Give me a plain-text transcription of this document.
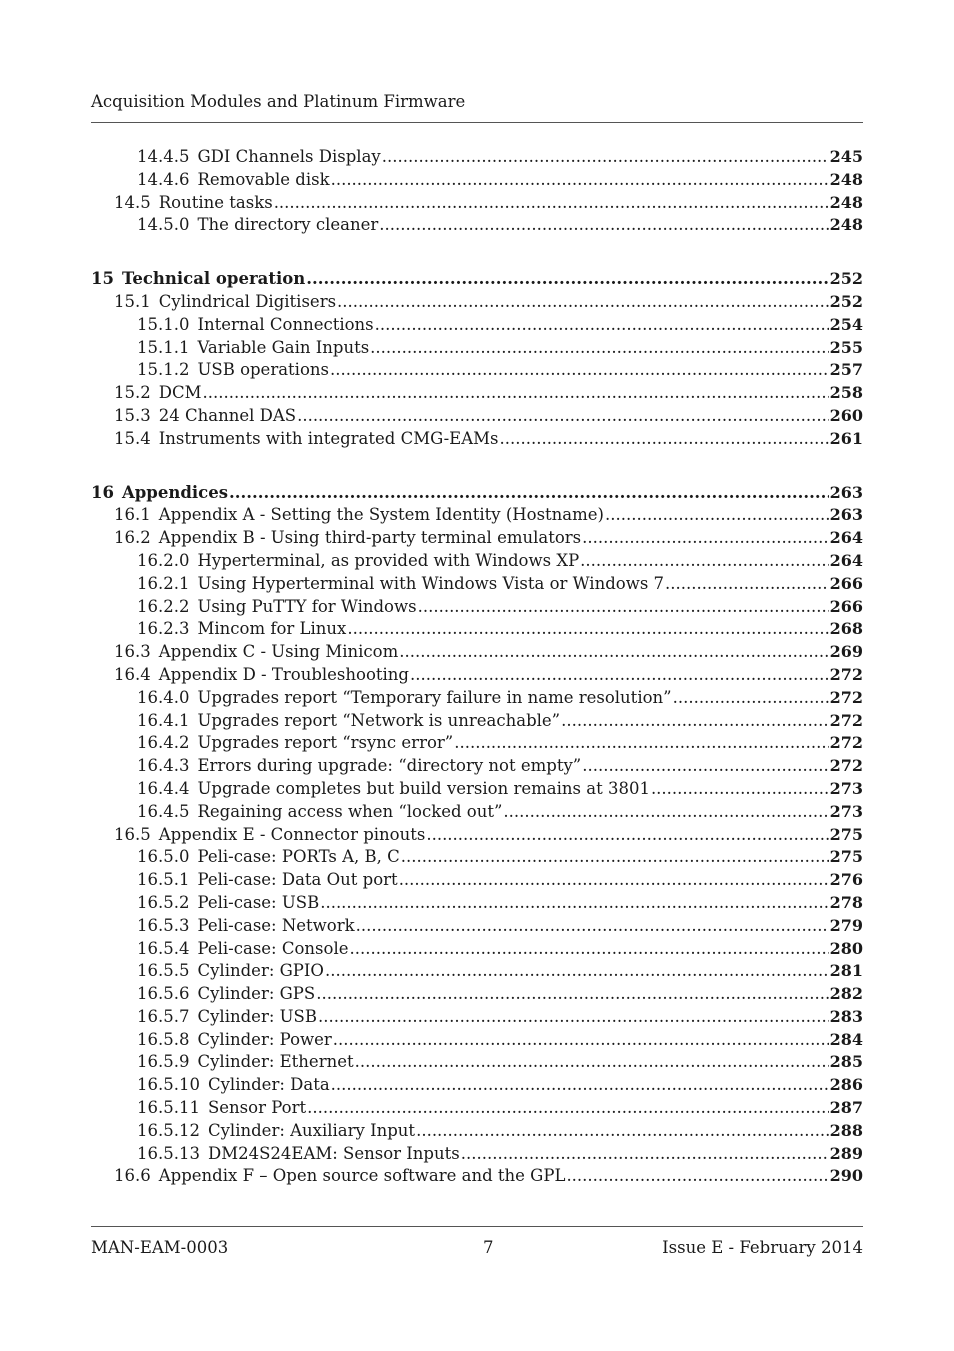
Acquisition Modules and Platinum Firmware
14.4.5 GDI Channels Display .....	245
14.4.6 Removable disk .....	248
14.5 Routine tasks .....	248
14.5.0 The directory cleaner .....	248
15 Technical operation .....	252
15.1 Cylindrical Digitisers .....	252
15.1.0 Internal Connections .....	254
15.1.1 Variable Gain Inputs .....	255
15.1.2 USB operations .....	257
15.2 DCM .....	258
15.3 24 Channel DAS .....	260
15.4 Instruments with integrated CMG-EAMs .....	261
16 Appendices .....	263
16.1 Appendix A - Setting the System Identity (Hostname) .....	263
16.2 Appendix B - Using third-party terminal emulators .....	264
16.2.0 Hyperterminal, as provided with Windows XP .....	264
16.2.1 Using Hyperterminal with Windows Vista or Windows 7 .....	266
16.2.2 Using PuTTY for Windows .....	266
16.2.3 Mincom for Linux .....	268
16.3 Appendix C - Using Minicom .....	269
16.4 Appendix D - Troubleshooting .....	272
16.4.0 Upgrades report “Temporary failure in name resolution” .....	272
16.4.1 Upgrades report “Network is unreachable” .....	272
16.4.2 Upgrades report “rsync error” .....	272
16.4.3 Errors during upgrade: “directory not empty” .....	272
16.4.4 Upgrade completes but build version remains at 3801 .....	273
16.4.5 Regaining access when “locked out” .....	273
16.5 Appendix E - Connector pinouts .....	275
16.5.0 Peli-case: PORTs A, B, C .....	275
16.5.1 Peli-case: Data Out port .....	276
16.5.2 Peli-case: USB .....	278
16.5.3 Peli-case: Network .....	279
16.5.4 Peli-case: Console .....	280
16.5.5 Cylinder: GPIO .....	281
16.5.6 Cylinder: GPS .....	282
16.5.7 Cylinder: USB .....	283
16.5.8 Cylinder: Power .....	284
16.5.9 Cylinder: Ethernet .....	285
16.5.10 Cylinder: Data .....	286
16.5.11 Sensor Port .....	287
16.5.12 Cylinder: Auxiliary Input .....	288
16.5.13 DM24S24EAM: Sensor Inputs .....	289
16.6 Appendix F – Open source software and the GPL .....	290
MAN-EAM-0003	7	Issue E - February 2014
